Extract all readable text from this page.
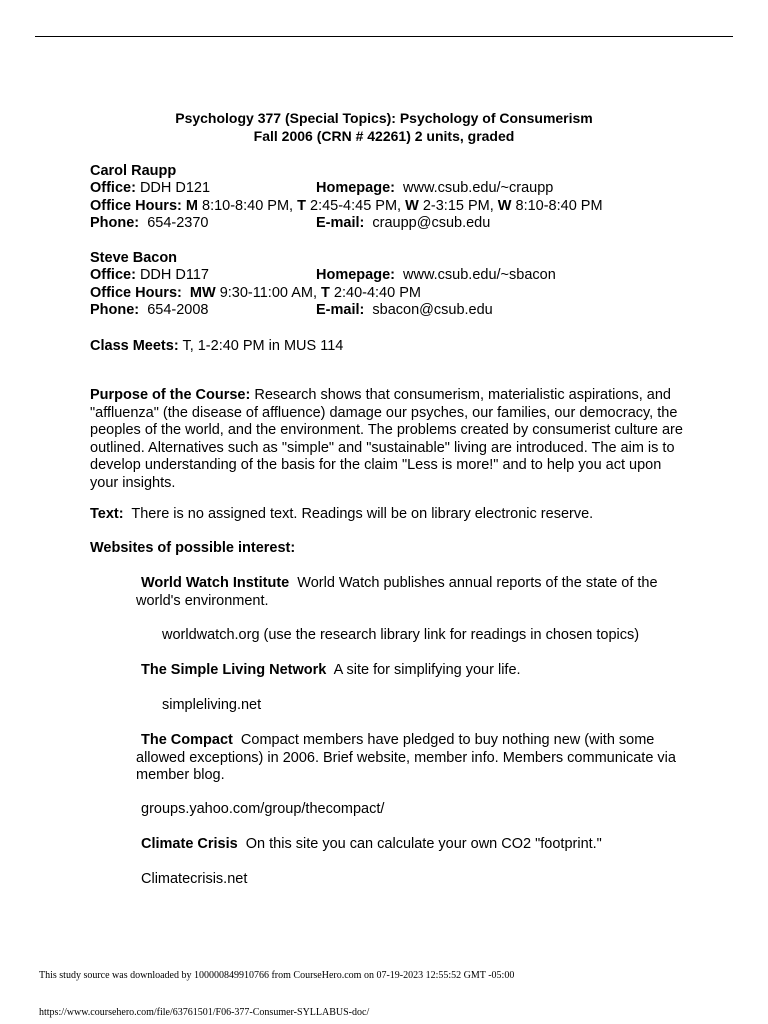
Psychology 377 (Special Topics): Psychology of Consumerism
Fall 2006 (CRN # 42261) 2 units, graded
Carol Raupp
Office: DDH D121	Homepage: www.csub.edu/~craupp
Office Hours: M 8:10-8:40 PM, T 2:45-4:45 PM, W 2-3:15 PM, W 8:10-8:40 PM
Phone: 654-2370	E-mail: craupp@csub.edu
Steve Bacon
Office: DDH D117	Homepage: www.csub.edu/~sbacon
Office Hours: MW 9:30-11:00 AM, T 2:40-4:40 PM
Phone: 654-2008	E-mail: sbacon@csub.edu
Class Meets: T, 1-2:40 PM in MUS 114
Purpose of the Course: Research shows that consumerism, materialistic aspirations, and "affluenza" (the disease of affluence) damage our psyches, our families, our democracy, the peoples of the world, and the environment. The problems created by consumerist culture are outlined. Alternatives such as "simple" and "sustainable" living are introduced. The aim is to develop understanding of the basis for the claim "Less is more!" and to help you act upon your insights.
Text: There is no assigned text. Readings will be on library electronic reserve.
Websites of possible interest:
World Watch Institute World Watch publishes annual reports of the state of the world's environment.
worldwatch.org (use the research library link for readings in chosen topics)
The Simple Living Network A site for simplifying your life.
simpleliving.net
The Compact Compact members have pledged to buy nothing new (with some allowed exceptions) in 2006. Brief website, member info. Members communicate via member blog.
groups.yahoo.com/group/thecompact/
Climate Crisis On this site you can calculate your own CO2 "footprint."
Climatecrisis.net
This study source was downloaded by 100000849910766 from CourseHero.com on 07-19-2023 12:55:52 GMT -05:00
https://www.coursehero.com/file/63761501/F06-377-Consumer-SYLLABUS-doc/
